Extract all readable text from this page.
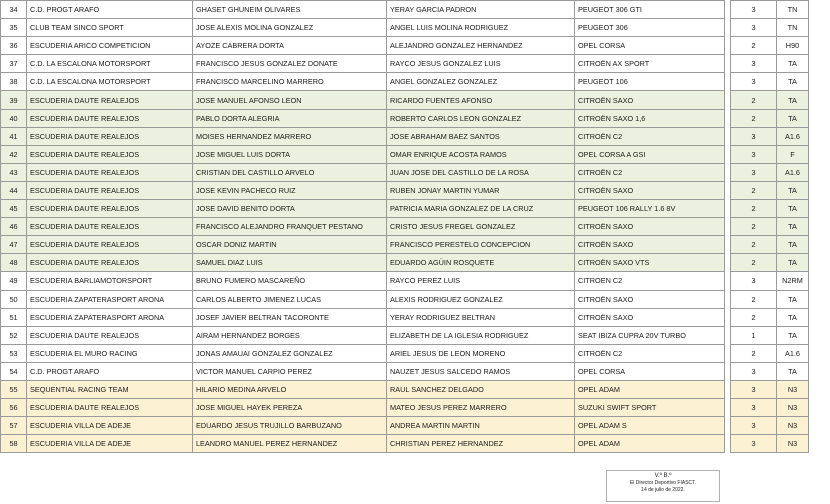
34	C.D. PROGT ARAFO	GHASET GHUNEIM OLIVARES	YERAY GARCIA PADRON	PEUGEOT 306 GTI		3	TN
35	CLUB TEAM SINCO SPORT	JOSE ALEXIS MOLINA GONZALEZ	ANGEL LUIS MOLINA RODRIGUEZ	PEUGEOT 306		3	TN
36	ESCUDERIA ARICO COMPETICION	AYOZE CABRERA DORTA	ALEJANDRO GONZALEZ HERNANDEZ	OPEL CORSA		2	H90
37	C.D. LA ESCALONA MOTORSPORT	FRANCISCO JESUS GONZALEZ DONATE	RAYCO JESUS GONZALEZ LUIS	CITROËN AX SPORT		3	TA
38	C.D. LA ESCALONA MOTORSPORT	FRANCISCO MARCELINO MARRERO	ANGEL GONZALEZ GONZALEZ	PEUGEOT 106		3	TA
39	ESCUDERIA DAUTE REALEJOS	JOSE MANUEL AFONSO LEON	RICARDO FUENTES AFONSO	CITROËN SAXO		2	TA
40	ESCUDERIA DAUTE REALEJOS	PABLO DORTA ALEGRIA	ROBERTO CARLOS LEON GONZALEZ	CITROËN SAXO 1,6		2	TA
41	ESCUDERIA DAUTE REALEJOS	MOISES HERNANDEZ MARRERO	JOSE ABRAHAM BAEZ SANTOS	CITROËN C2		3	A1.6
42	ESCUDERIA DAUTE REALEJOS	JOSE MIGUEL LUIS DORTA	OMAR ENRIQUE ACOSTA RAMOS	OPEL CORSA A GSI		3	F
43	ESCUDERIA DAUTE REALEJOS	CRISTIAN DEL CASTILLO ARVELO	JUAN JOSE DEL CASTILLO DE LA ROSA	CITROËN C2		3	A1.6
44	ESCUDERIA DAUTE REALEJOS	JOSE KEVIN PACHECO RUIZ	RUBEN JONAY MARTIN YUMAR	CITROËN SAXO		2	TA
45	ESCUDERIA DAUTE REALEJOS	JOSE DAVID BENITO DORTA	PATRICIA MARIA GONZALEZ DE LA CRUZ	PEUGEOT 106 RALLY 1.6 8V		2	TA
46	ESCUDERIA DAUTE REALEJOS	FRANCISCO ALEJANDRO FRANQUET PESTANO	CRISTO JESUS FREGEL GONZALEZ	CITROËN SAXO		2	TA
47	ESCUDERIA DAUTE REALEJOS	OSCAR DONIZ MARTIN	FRANCISCO PERESTELO CONCEPCION	CITROËN SAXO		2	TA
48	ESCUDERIA DAUTE REALEJOS	SAMUEL DIAZ LUIS	EDUARDO AGÜIN ROSQUETE	CITROËN SAXO VTS		2	TA
49	ESCUDERIA BARLIAMOTORSPORT	BRUNO FUMERO MASCAREÑO	RAYCO PEREZ LUIS	CITROEN C2		3	N2RM
50	ESCUDERIA ZAPATERASPORT ARONA	CARLOS ALBERTO JIMENEZ LUCAS	ALEXIS RODRIGUEZ GONZALEZ	CITROËN SAXO		2	TA
51	ESCUDERIA ZAPATERASPORT ARONA	JOSEF JAVIER BELTRAN TACORONTE	YERAY RODRIGUEZ BELTRAN	CITROËN SAXO		2	TA
52	ESCUDERIA DAUTE REALEJOS	AIRAM HERNANDEZ BORGES	ELIZABETH DE LA IGLESIA RODRIGUEZ	SEAT IBIZA CUPRA 20V TURBO		1	TA
53	ESCUDERIA EL MURO RACING	JONAS AMAUAI GONZALEZ GONZALEZ	ARIEL JESUS DE LEON MORENO	CITROËN C2		2	A1.6
54	C.D. PROGT ARAFO	VICTOR MANUEL CARPIO PEREZ	NAUZET JESUS SALCEDO RAMOS	OPEL CORSA		3	TA
55	SEQUENTIAL RACING TEAM	HILARIO MEDINA ARVELO	RAUL SANCHEZ DELGADO	OPEL ADAM		3	N3
56	ESCUDERIA DAUTE REALEJOS	JOSE MIGUEL HAYEK PEREZA	MATEO JESUS PEREZ MARRERO	SUZUKI SWIFT SPORT		3	N3
57	ESCUDERIA VILLA DE ADEJE	EDUARDO JESUS TRUJILLO BARBUZANO	ANDREA MARTIN MARTIN	OPEL ADAM S		3	N3
58	ESCUDERIA VILLA DE ADEJE	LEANDRO MANUEL PEREZ HERNANDEZ	CHRISTIAN PEREZ HERNANDEZ	OPEL ADAM		3	N3
V.º B.º
El Director Deportivo FIASCT.
14 de julio de 2022.
